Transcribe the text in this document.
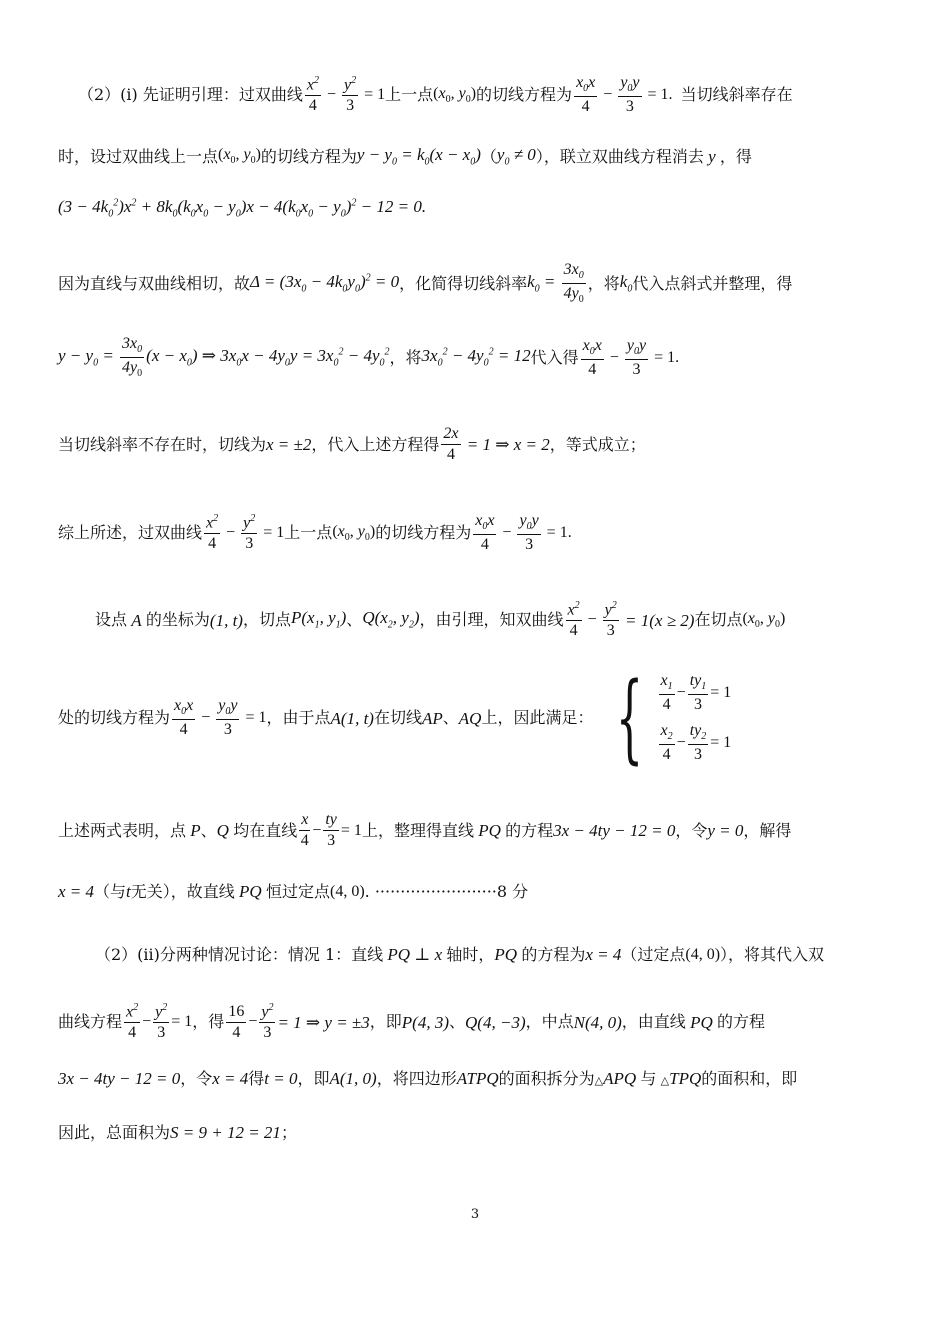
（2）(ⅰ) 先证明引理：过双曲线 $\frac{x^2}{4} - \frac{y^2}{3} = 1$ 上一点 ($x_0$, $y_0$) 的切线方程为 $\frac{x_0x}{4} - \frac{y_0y}{3} = 1$. 当切线斜率存在
时，设过双曲线上一点 ($x_0$, $y_0$) 的切线方程为 $y - y_0 = k_0(x - x_0)$ （ $y_0 \ne 0$ ），联立双曲线方程消去 y ，得
$(3 - 4k_0^2)x^2 + 8k_0(k_0x_0 - y_0)x - 4(k_0x_0 - y_0)^2 - 12 = 0$.
因为直线与双曲线相切，故 $\Delta = (3x_0 - 4k_0y_0)^2 = 0$ ，化简得切线斜率 $k_0 = \frac{3x_0}{4y_0}$ ，将 $k_0$ 代入点斜式并整理，得
$y - y_0 = \frac{3x_0}{4y_0} (x - x_0)$ ⇒ $3x_0x - 4y_0y = 3x_0^2 - 4y_0^2$ ，将 $3x_0^2 - 4y_0^2 = 12$ 代入得 $\frac{x_0x}{4} - \frac{y_0y}{3} = 1$.
当切线斜率不存在时，切线为 x = ±2 ，代入上述方程得 $\frac{2x}{4} = 1$ ⇒ x = 2 ，等式成立；
综上所述，过双曲线 $\frac{x^2}{4} - \frac{y^2}{3} = 1$ 上一点 ($x_0$, $y_0$) 的切线方程为 $\frac{x_0x}{4} - \frac{y_0y}{3} = 1$.
设点 A 的坐标为 (1, t) ，切点 $P(x_1$, $y_1$) 、 $Q(x_2$, $y_2$) ，由引理，知双曲线 $\frac{x^2}{4} - \frac{y^2}{3} = 1(x \ge 2)$ 在切点 ($x_0$, $y_0$)
处的切线方程为 $\frac{x_0x}{4} - \frac{y_0y}{3} = 1$ ，由于点 A(1, t) 在切线 AP 、 AQ 上，因此满足： { $\frac{x_1}{4} - \frac{ty_1}{3} = 1$
$\frac{x_2}{4} - \frac{ty_2}{3} = 1$
上述两式表明，点 P 、 Q 均在直线 $\frac{x}{4} - \frac{ty}{3} = 1$ 上，整理得直线 PQ 的方程 3x − 4ty − 12 = 0 ，令 y = 0 ，解得
x = 4 （与 t 无关），故直线 PQ 恒过定点 (4, 0) . ························8 分
（2）(ⅱ)分两种情况讨论：情况 1：直线 PQ ⊥ x 轴时， PQ 的方程为 x = 4 （过定点 (4, 0) ），将其代入双
曲线方程 $\frac{x^2}{4} - \frac{y^2}{3} = 1$ ，得 $\frac{16}{4} - \frac{y^2}{3} = 1$ ⇒ y = ±3 ，即 P(4, 3) 、 Q(4, −3) ，中点 N(4, 0) ，由直线 PQ 的方程
3x − 4ty − 12 = 0 ，令 x = 4 得 t = 0 ，即 A(1, 0) ，将四边形 ATPQ 的面积拆分为 △APQ 与 △TPQ 的面积和，即
因此，总面积为 S = 9 + 12 = 21 ；
3
